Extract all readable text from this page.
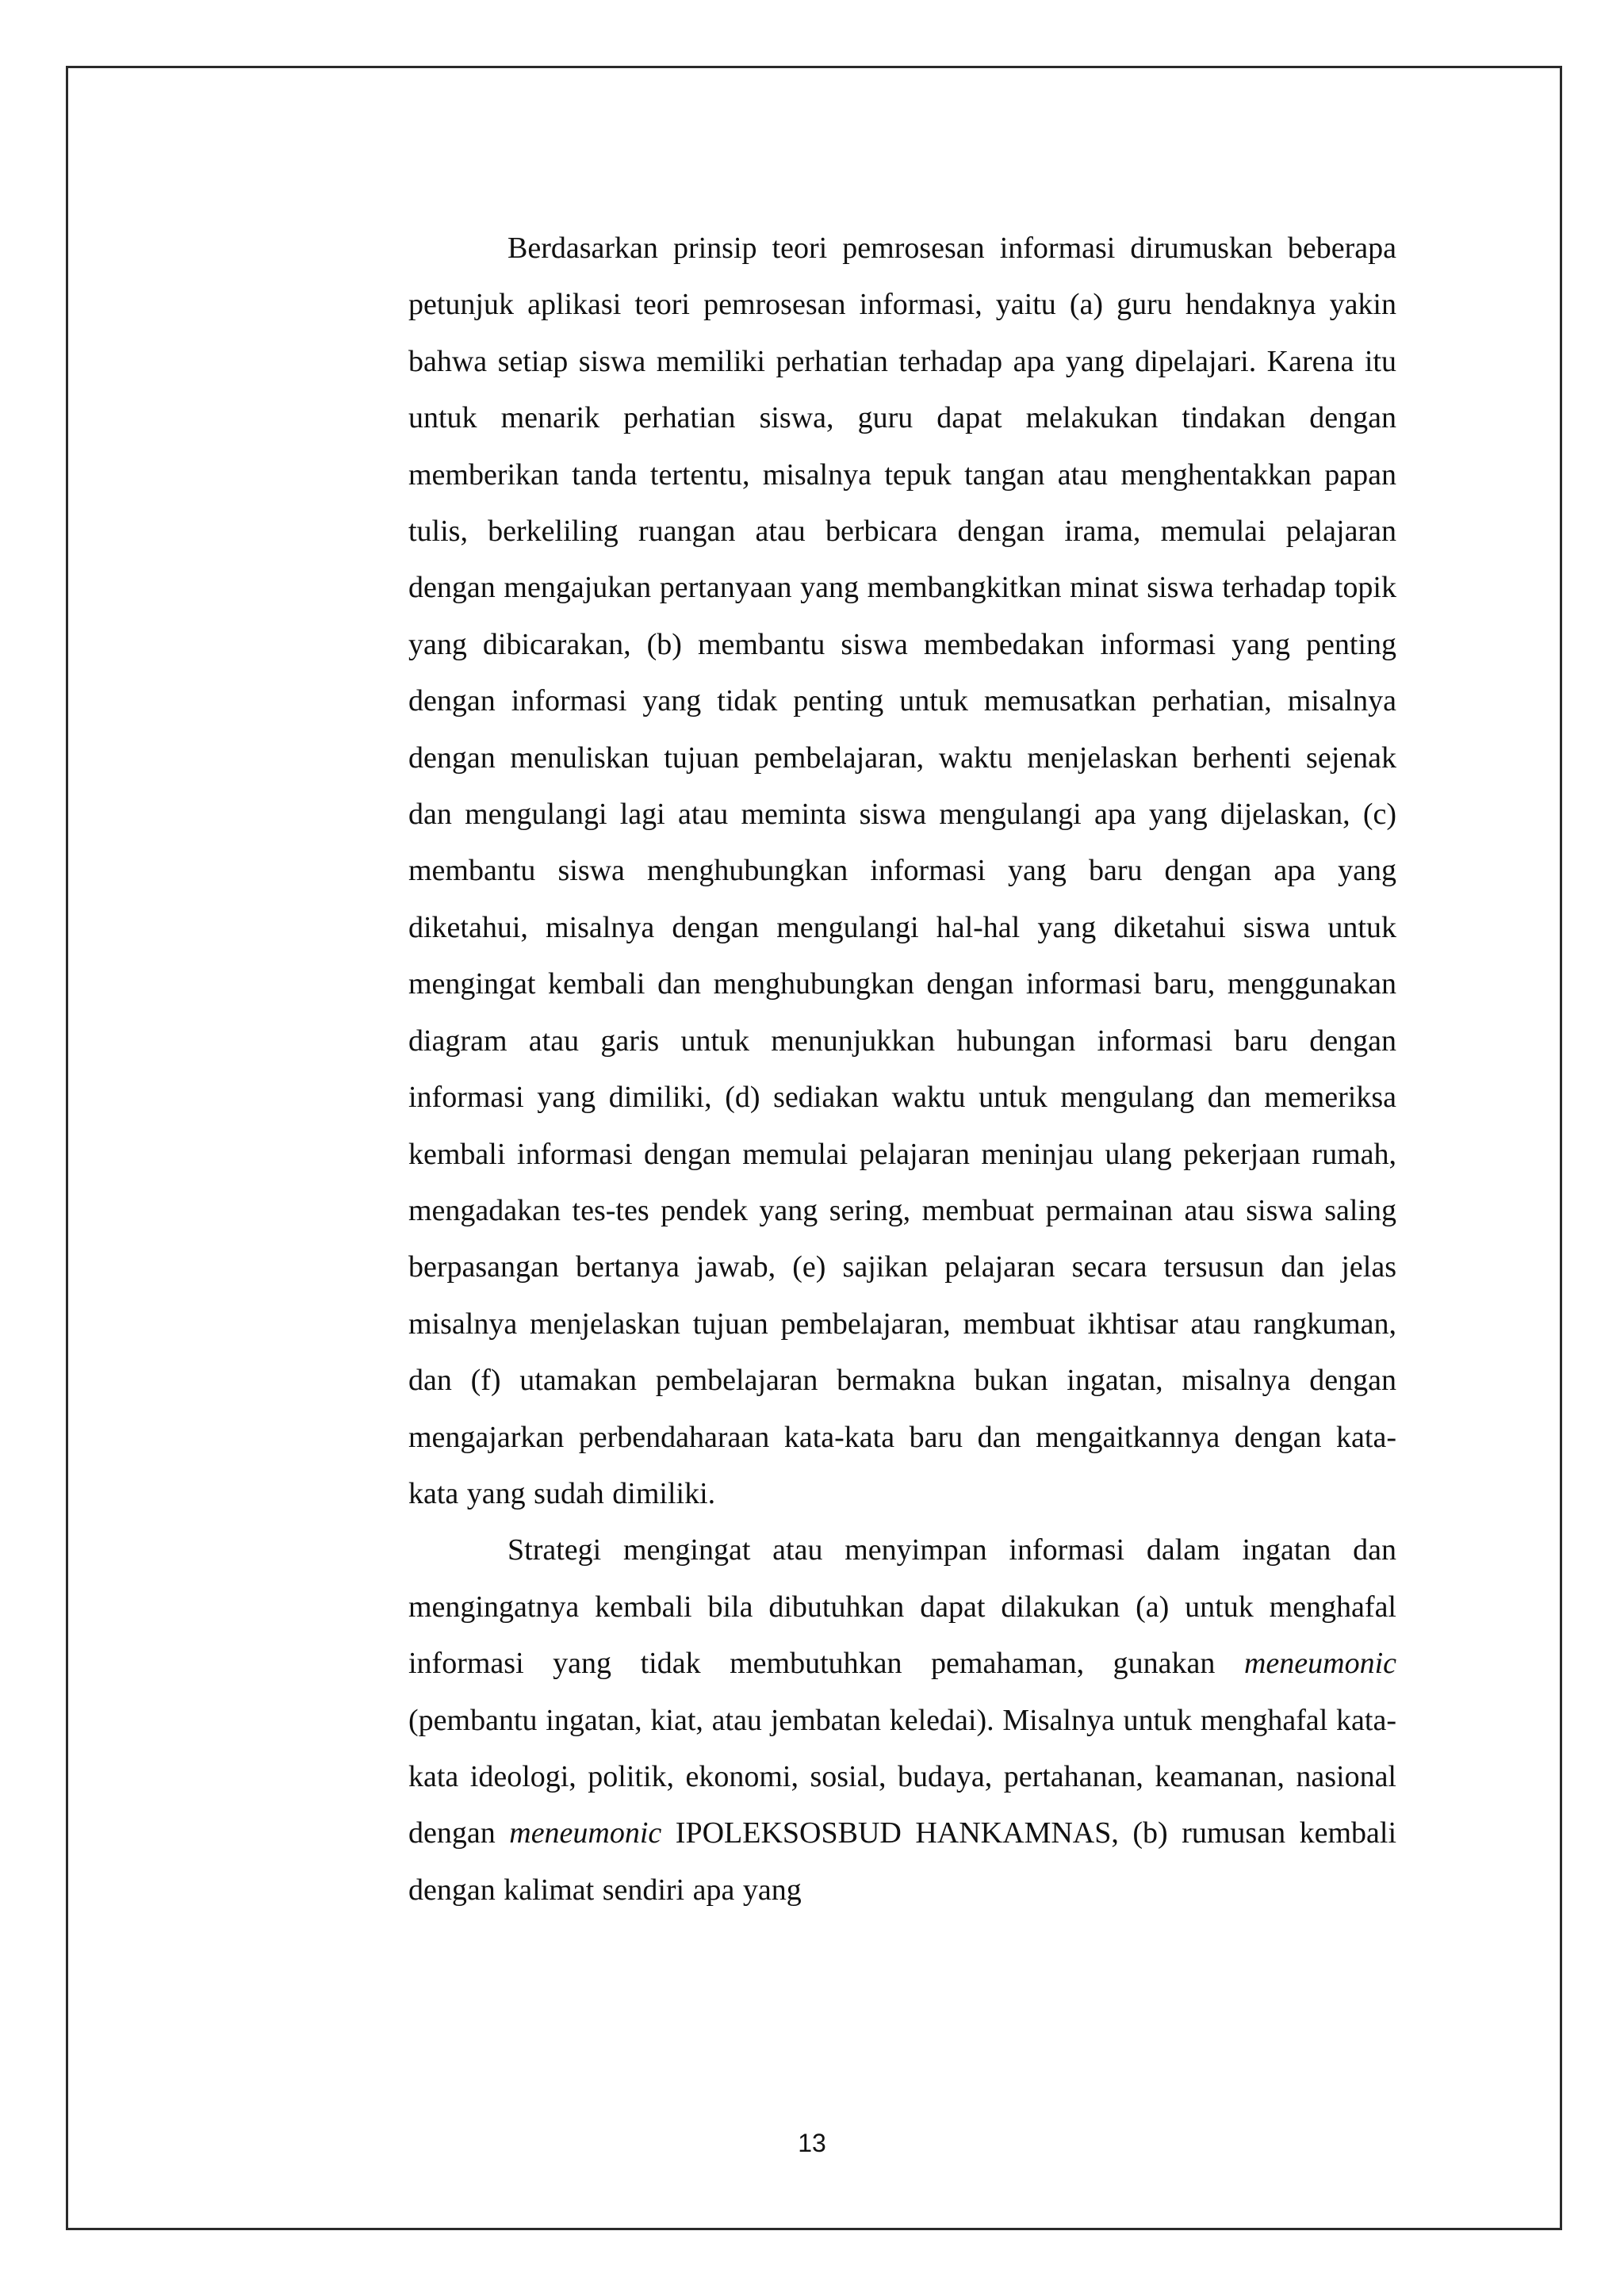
Berdasarkan prinsip teori pemrosesan informasi dirumuskan beberapa petunjuk aplikasi teori pemrosesan informasi, yaitu (a) guru hendaknya yakin bahwa setiap siswa memiliki perhatian terhadap apa yang dipelajari. Karena itu untuk menarik perhatian siswa, guru dapat melakukan tindakan dengan memberikan tanda tertentu, misalnya tepuk tangan atau menghentakkan papan tulis, berkeliling ruangan atau berbicara dengan irama, memulai pelajaran dengan mengajukan pertanyaan yang membangkitkan minat siswa terhadap topik yang dibicarakan, (b) membantu siswa membedakan informasi yang penting dengan informasi yang tidak penting untuk memusatkan perhatian, misalnya dengan menuliskan tujuan pembelajaran, waktu menjelaskan berhenti sejenak dan mengulangi lagi atau meminta siswa mengulangi apa yang dijelaskan, (c) membantu siswa menghubungkan informasi yang baru dengan apa yang diketahui, misalnya dengan mengulangi hal-hal yang diketahui siswa untuk mengingat kembali dan menghubungkan dengan informasi baru, menggunakan diagram atau garis untuk menunjukkan hubungan informasi baru dengan informasi yang dimiliki, (d) sediakan waktu untuk mengulang dan memeriksa kembali informasi dengan memulai pelajaran meninjau ulang pekerjaan rumah, mengadakan tes-tes pendek yang sering, membuat permainan atau siswa saling berpasangan bertanya jawab, (e) sajikan pelajaran secara tersusun dan jelas misalnya menjelaskan tujuan pembelajaran, membuat ikhtisar atau rangkuman, dan (f) utamakan pembelajaran bermakna bukan ingatan, misalnya dengan mengajarkan perbendaharaan kata-kata baru dan mengaitkannya dengan kata-kata yang sudah dimiliki.

Strategi mengingat atau menyimpan informasi dalam ingatan dan mengingatnya kembali bila dibutuhkan dapat dilakukan (a) untuk menghafal informasi yang tidak membutuhkan pemahaman, gunakan meneumonic (pembantu ingatan, kiat, atau jembatan keledai). Misalnya untuk menghafal kata-kata ideologi, politik, ekonomi, sosial, budaya, pertahanan, keamanan, nasional dengan meneumonic IPOLEKSOSBUD HANKAMNAS, (b) rumusan kembali dengan kalimat sendiri apa yang

13
